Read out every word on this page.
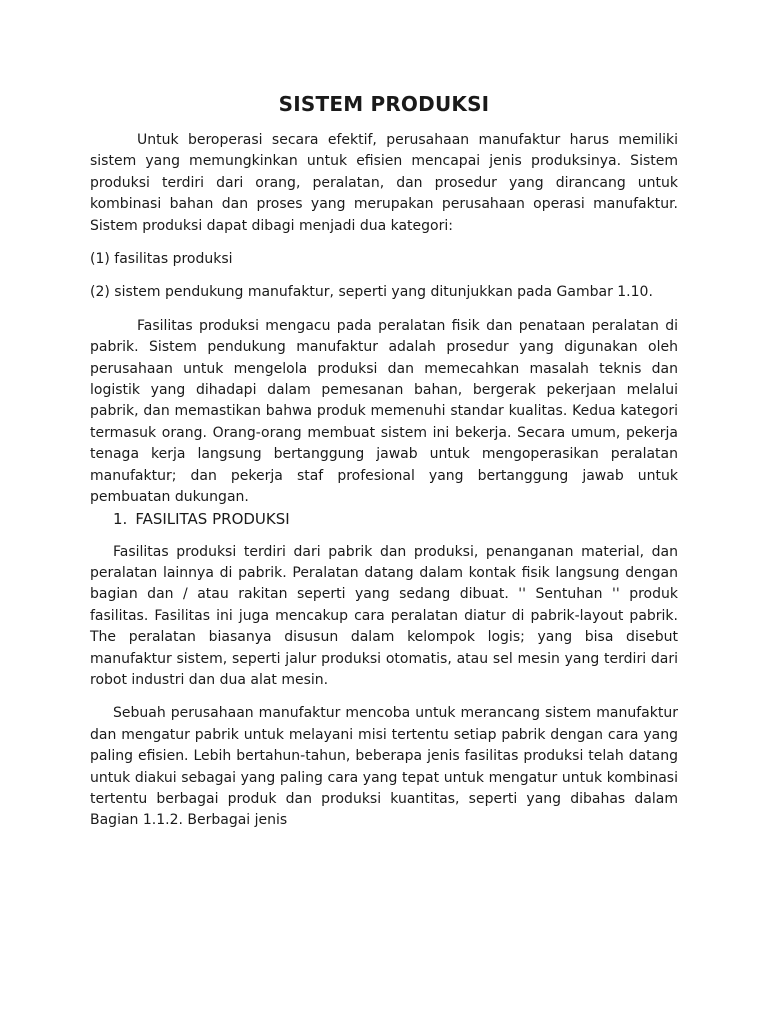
SISTEM PRODUKSI

Untuk beroperasi secara efektif, perusahaan manufaktur harus memiliki sistem yang memungkinkan untuk efisien mencapai jenis produksinya. Sistem produksi terdiri dari orang, peralatan, dan prosedur yang dirancang untuk kombinasi bahan dan proses yang merupakan perusahaan operasi manufaktur. Sistem produksi dapat dibagi menjadi dua kategori:

(1) fasilitas produksi

(2) sistem pendukung manufaktur, seperti yang ditunjukkan pada Gambar 1.10.

Fasilitas produksi mengacu pada peralatan fisik dan penataan peralatan di pabrik. Sistem pendukung manufaktur adalah prosedur yang digunakan oleh perusahaan untuk mengelola produksi dan memecahkan masalah teknis dan logistik yang dihadapi dalam pemesanan bahan, bergerak pekerjaan melalui pabrik, dan memastikan bahwa produk memenuhi standar kualitas. Kedua kategori termasuk orang. Orang-orang membuat sistem ini bekerja. Secara umum, pekerja tenaga kerja langsung bertanggung jawab untuk mengoperasikan peralatan manufaktur; dan pekerja staf profesional yang bertanggung jawab untuk pembuatan dukungan.

1. FASILITAS PRODUKSI

Fasilitas produksi terdiri dari pabrik dan produksi, penanganan material, dan peralatan lainnya di pabrik. Peralatan datang dalam kontak fisik langsung dengan bagian dan / atau rakitan seperti yang sedang dibuat. '' Sentuhan '' produk fasilitas. Fasilitas ini juga mencakup cara peralatan diatur di pabrik-layout pabrik. The peralatan biasanya disusun dalam kelompok logis; yang bisa disebut manufaktur sistem, seperti jalur produksi otomatis, atau sel mesin yang terdiri dari robot industri dan dua alat mesin.

Sebuah perusahaan manufaktur mencoba untuk merancang sistem manufaktur dan mengatur pabrik untuk melayani misi tertentu setiap pabrik dengan cara yang paling efisien. Lebih bertahun-tahun, beberapa jenis fasilitas produksi telah datang untuk diakui sebagai yang paling cara yang tepat untuk mengatur untuk kombinasi tertentu berbagai produk dan produksi kuantitas, seperti yang dibahas dalam Bagian 1.1.2. Berbagai jenis
